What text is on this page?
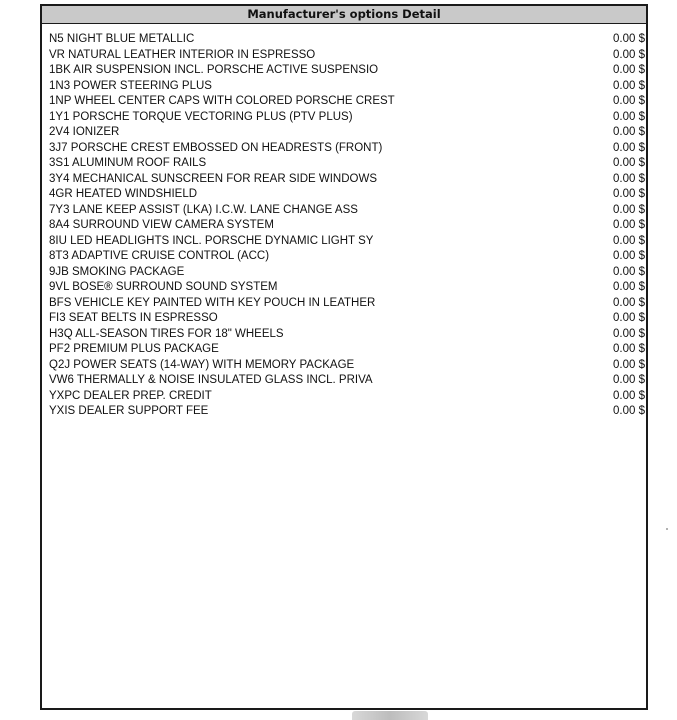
Manufacturer's options Detail
N5 NIGHT BLUE METALLIC	0.00 $
VR NATURAL LEATHER INTERIOR IN ESPRESSO	0.00 $
1BK AIR SUSPENSION INCL. PORSCHE ACTIVE SUSPENSIO	0.00 $
1N3 POWER STEERING PLUS	0.00 $
1NP WHEEL CENTER CAPS WITH COLORED PORSCHE CREST	0.00 $
1Y1 PORSCHE TORQUE VECTORING PLUS (PTV PLUS)	0.00 $
2V4 IONIZER	0.00 $
3J7 PORSCHE CREST EMBOSSED ON HEADRESTS (FRONT)	0.00 $
3S1 ALUMINUM ROOF RAILS	0.00 $
3Y4 MECHANICAL SUNSCREEN FOR REAR SIDE WINDOWS	0.00 $
4GR HEATED WINDSHIELD	0.00 $
7Y3 LANE KEEP ASSIST (LKA) I.C.W. LANE CHANGE ASS	0.00 $
8A4 SURROUND VIEW CAMERA SYSTEM	0.00 $
8IU LED HEADLIGHTS INCL. PORSCHE DYNAMIC LIGHT SY	0.00 $
8T3 ADAPTIVE CRUISE CONTROL (ACC)	0.00 $
9JB SMOKING PACKAGE	0.00 $
9VL BOSE® SURROUND SOUND SYSTEM	0.00 $
BFS VEHICLE KEY PAINTED WITH KEY POUCH IN LEATHER	0.00 $
FI3 SEAT BELTS IN ESPRESSO	0.00 $
H3Q ALL-SEASON TIRES FOR 18" WHEELS	0.00 $
PF2 PREMIUM PLUS PACKAGE	0.00 $
Q2J POWER SEATS (14-WAY) WITH MEMORY PACKAGE	0.00 $
VW6 THERMALLY & NOISE INSULATED GLASS INCL. PRIVA	0.00 $
YXPC DEALER PREP. CREDIT	0.00 $
YXIS DEALER SUPPORT FEE	0.00 $
